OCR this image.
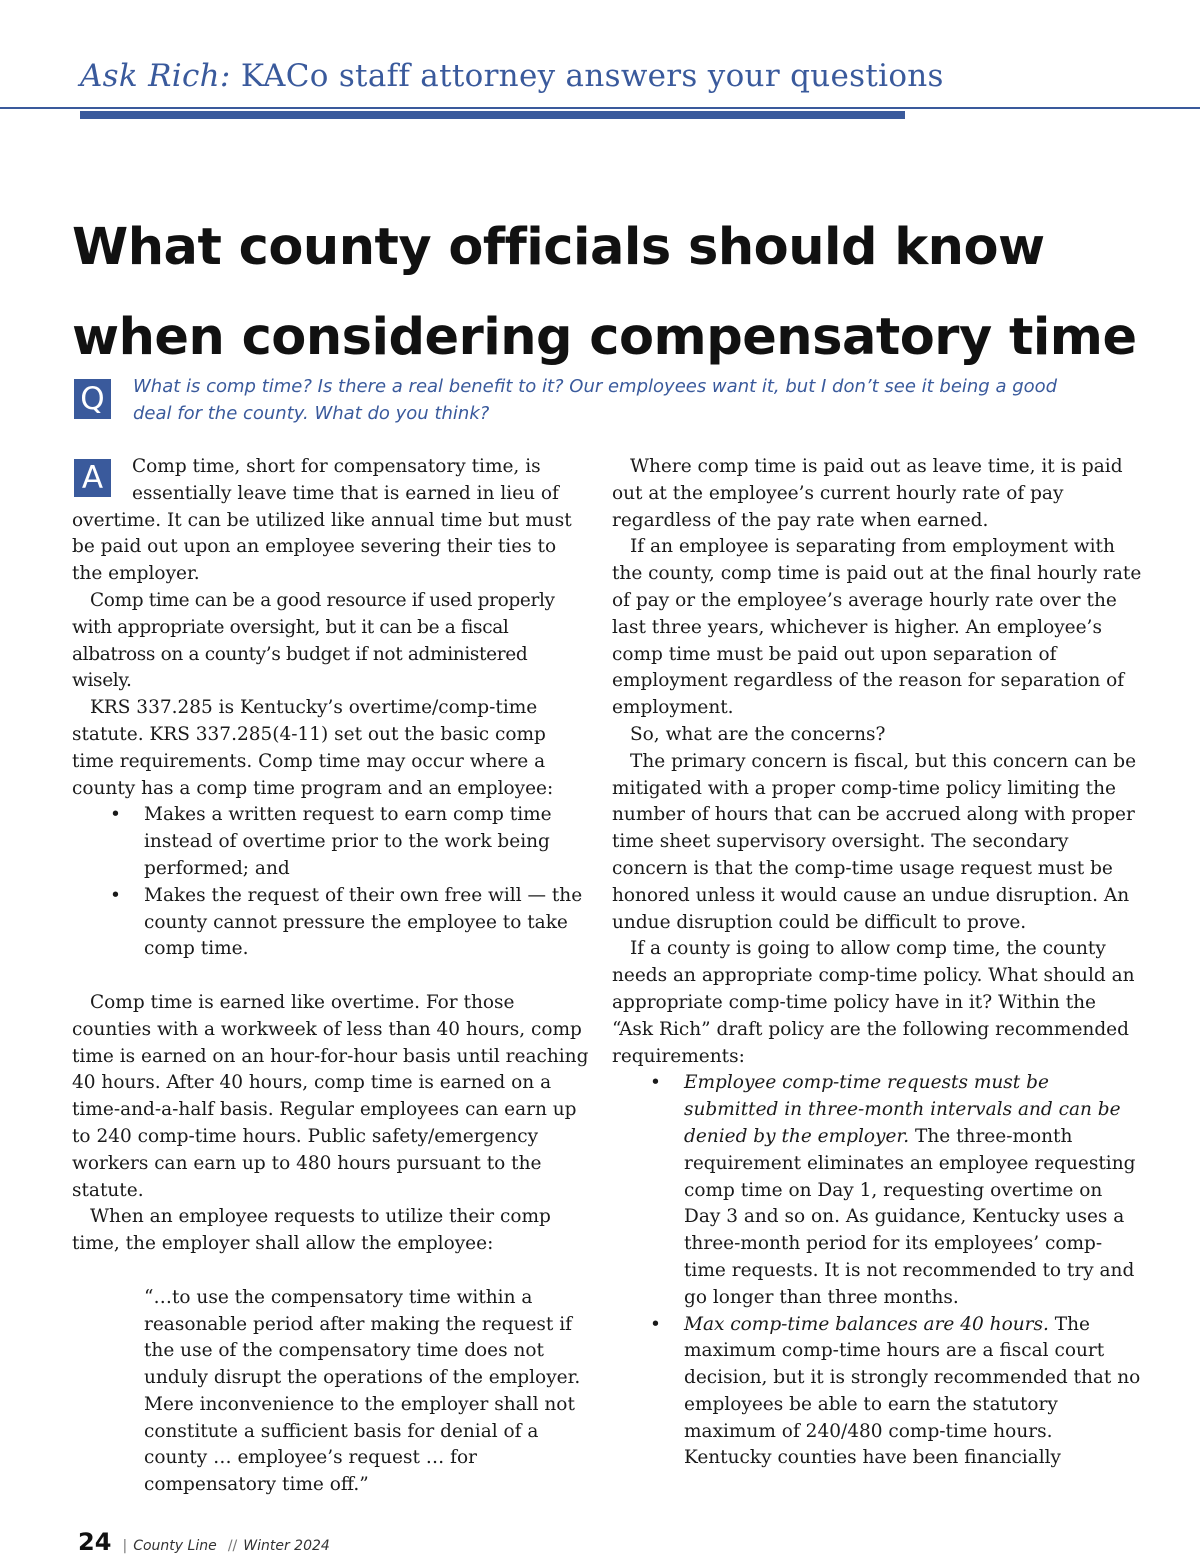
Ask Rich: KACo staff attorney answers your questions
What county officials should know when considering compensatory time
Q	What is comp time? Is there a real benefit to it? Our employees want it, but I don’t see it being a good deal for the county. What do you think?
A	Comp time, short for compensatory time, is essentially leave time that is earned in lieu of overtime. It can be utilized like annual time but must be paid out upon an employee severing their ties to the employer.

Comp time can be a good resource if used properly with appropriate oversight, but it can be a fiscal albatross on a county’s budget if not administered wisely.

KRS 337.285 is Kentucky’s overtime/comp-time statute. KRS 337.285(4-11) set out the basic comp time requirements. Comp time may occur where a county has a comp time program and an employee:

• Makes a written request to earn comp time instead of overtime prior to the work being performed; and
• Makes the request of their own free will — the county cannot pressure the employee to take comp time.

Comp time is earned like overtime. For those counties with a workweek of less than 40 hours, comp time is earned on an hour-for-hour basis until reaching 40 hours. After 40 hours, comp time is earned on a time-and-a-half basis. Regular employees can earn up to 240 comp-time hours. Public safety/emergency workers can earn up to 480 hours pursuant to the statute.

When an employee requests to utilize their comp time, the employer shall allow the employee:

“…to use the compensatory time within a reasonable period after making the request if the use of the compensatory time does not unduly disrupt the operations of the employer. Mere inconvenience to the employer shall not constitute a sufficient basis for denial of a county … employee’s request … for compensatory time off.”

Where comp time is paid out as leave time, it is paid out at the employee’s current hourly rate of pay regardless of the pay rate when earned.

If an employee is separating from employment with the county, comp time is paid out at the final hourly rate of pay or the employee’s average hourly rate over the last three years, whichever is higher. An employee’s comp time must be paid out upon separation of employment regardless of the reason for separation of employment.

So, what are the concerns?

The primary concern is fiscal, but this concern can be mitigated with a proper comp-time policy limiting the number of hours that can be accrued along with proper time sheet supervisory oversight. The secondary concern is that the comp-time usage request must be honored unless it would cause an undue disruption. An undue disruption could be difficult to prove.

If a county is going to allow comp time, the county needs an appropriate comp-time policy. What should an appropriate comp-time policy have in it? Within the “Ask Rich” draft policy are the following recommended requirements:

• Employee comp-time requests must be submitted in three-month intervals and can be denied by the employer. The three-month requirement eliminates an employee requesting comp time on Day 1, requesting overtime on Day 3 and so on. As guidance, Kentucky uses a three-month period for its employees’ comp-time requests. It is not recommended to try and go longer than three months.
• Max comp-time balances are 40 hours. The maximum comp-time hours are a fiscal court decision, but it is strongly recommended that no employees be able to earn the statutory maximum of 240/480 comp-time hours. Kentucky counties have been financially
24 | County Line // Winter 2024
